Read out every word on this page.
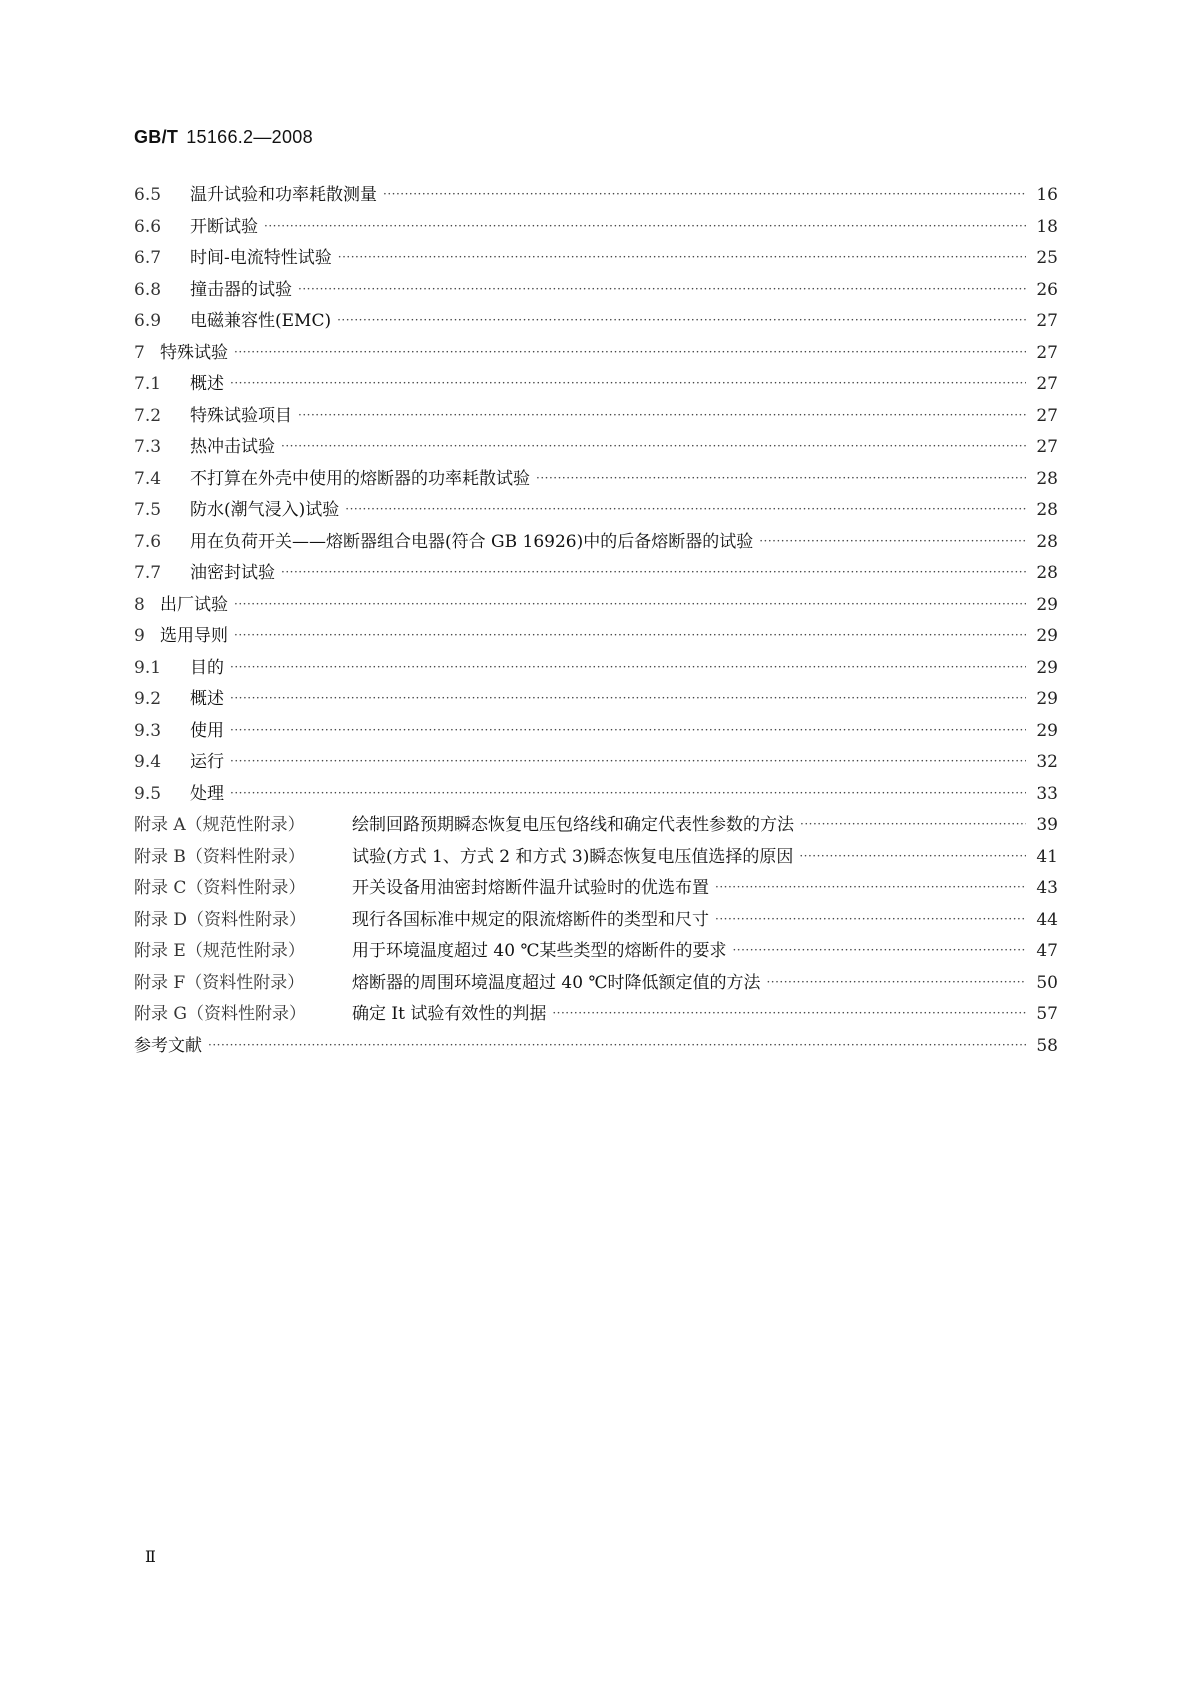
GB/T 15166.2—2008
6.5	温升试验和功率耗散测量 ·····	16
6.6	开断试验 ·····	18
6.7	时间-电流特性试验 ·····	25
6.8	撞击器的试验 ·····	26
6.9	电磁兼容性(EMC) ·····	27
7 特殊试验 ·····	27
7.1	概述 ·····	27
7.2	特殊试验项目 ·····	27
7.3	热冲击试验 ·····	27
7.4	不打算在外壳中使用的熔断器的功率耗散试验 ·····	28
7.5	防水(潮气浸入)试验 ·····	28
7.6	用在负荷开关——熔断器组合电器(符合 GB 16926)中的后备熔断器的试验 ·····	28
7.7	油密封试验 ·····	28
8 出厂试验 ·····	29
9 选用导则 ·····	29
9.1	目的 ·····	29
9.2	概述 ·····	29
9.3	使用 ·····	29
9.4	运行 ·····	32
9.5	处理 ·····	33
附录 A（规范性附录）	绘制回路预期瞬态恢复电压包络线和确定代表性参数的方法 ·····	39
附录 B（资料性附录）	试验(方式 1、方式 2 和方式 3)瞬态恢复电压值选择的原因 ·····	41
附录 C（资料性附录）	开关设备用油密封熔断件温升试验时的优选布置 ·····	43
附录 D（资料性附录）	现行各国标准中规定的限流熔断件的类型和尺寸 ·····	44
附录 E（规范性附录）	用于环境温度超过 40 ℃某些类型的熔断件的要求 ·····	47
附录 F（资料性附录）	熔断器的周围环境温度超过 40 ℃时降低额定值的方法 ·····	50
附录 G（资料性附录）	确定 It 试验有效性的判据 ·····	57
参考文献 ·····	58
Ⅱ
